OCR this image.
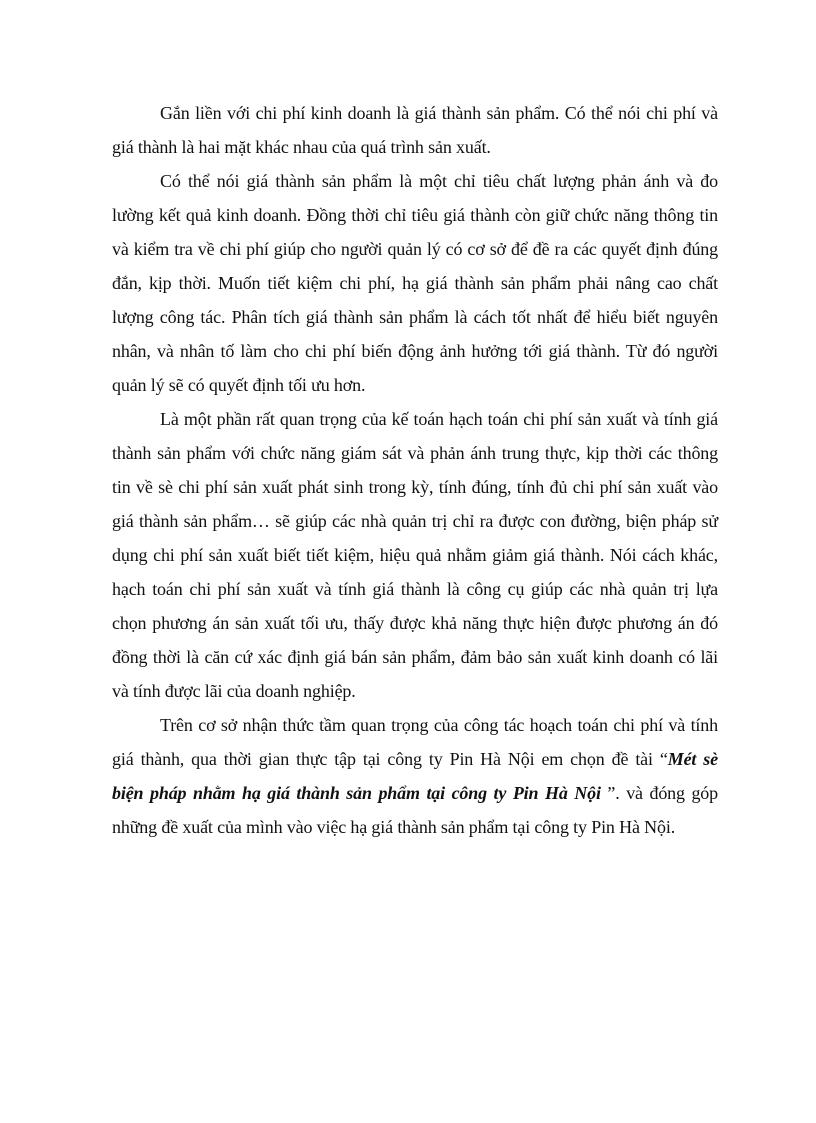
Gắn liền với chi phí kinh doanh là giá thành sản phẩm. Có thể nói chi phí và
giá thành là hai mặt khác nhau của quá trình sản xuất.
Có thể nói giá thành sản phẩm là một chỉ tiêu chất lượng phản ánh và đo
lường kết quả kinh doanh. Đồng thời chỉ tiêu giá thành còn giữ chức năng thông tin
và kiểm tra về chi phí giúp cho người quản lý có cơ sở để đề ra các quyết định đúng
đắn, kịp thời. Muốn tiết kiệm chi phí, hạ giá thành sản phẩm phải nâng cao chất
lượng công tác. Phân tích giá thành sản phẩm là cách tốt nhất để hiểu biết nguyên
nhân, và nhân tố làm cho chi phí biến động ảnh hưởng tới giá thành. Từ đó người
quản lý sẽ có quyết định tối ưu hơn.
Là một phần rất quan trọng của kế toán hạch toán chi phí sản xuất và tính giá
thành sản phẩm với chức năng giám sát và phản ánh trung thực, kịp thời các thông
tin về sè chi phí sản xuất phát sinh trong kỳ, tính đúng, tính đủ chi phí sản xuất vào
giá thành sản phẩm… sẽ giúp các nhà quản trị chỉ ra được con đường, biện pháp sử
dụng chi phí sản xuất biết tiết kiệm, hiệu quả nhằm giảm giá thành. Nói cách khác,
hạch toán chi phí sản xuất và tính giá thành là công cụ giúp các nhà quản trị lựa
chọn phương án sản xuất tối ưu, thấy được khả năng thực hiện được phương án đó
đồng thời là căn cứ xác định giá bán sản phẩm, đảm bảo sản xuất kinh doanh có lãi
và tính được lãi của doanh nghiệp.
Trên cơ sở nhận thức tầm quan trọng của công tác hoạch toán chi phí và tính
giá thành, qua thời gian thực tập tại công ty Pin Hà Nội em chọn đề tài “Mét sè
biện pháp nhằm hạ giá thành sản phẩm tại công ty Pin Hà Nội ”. và đóng góp
những đề xuất của mình vào việc hạ giá thành sản phẩm tại công ty Pin Hà Nội.
